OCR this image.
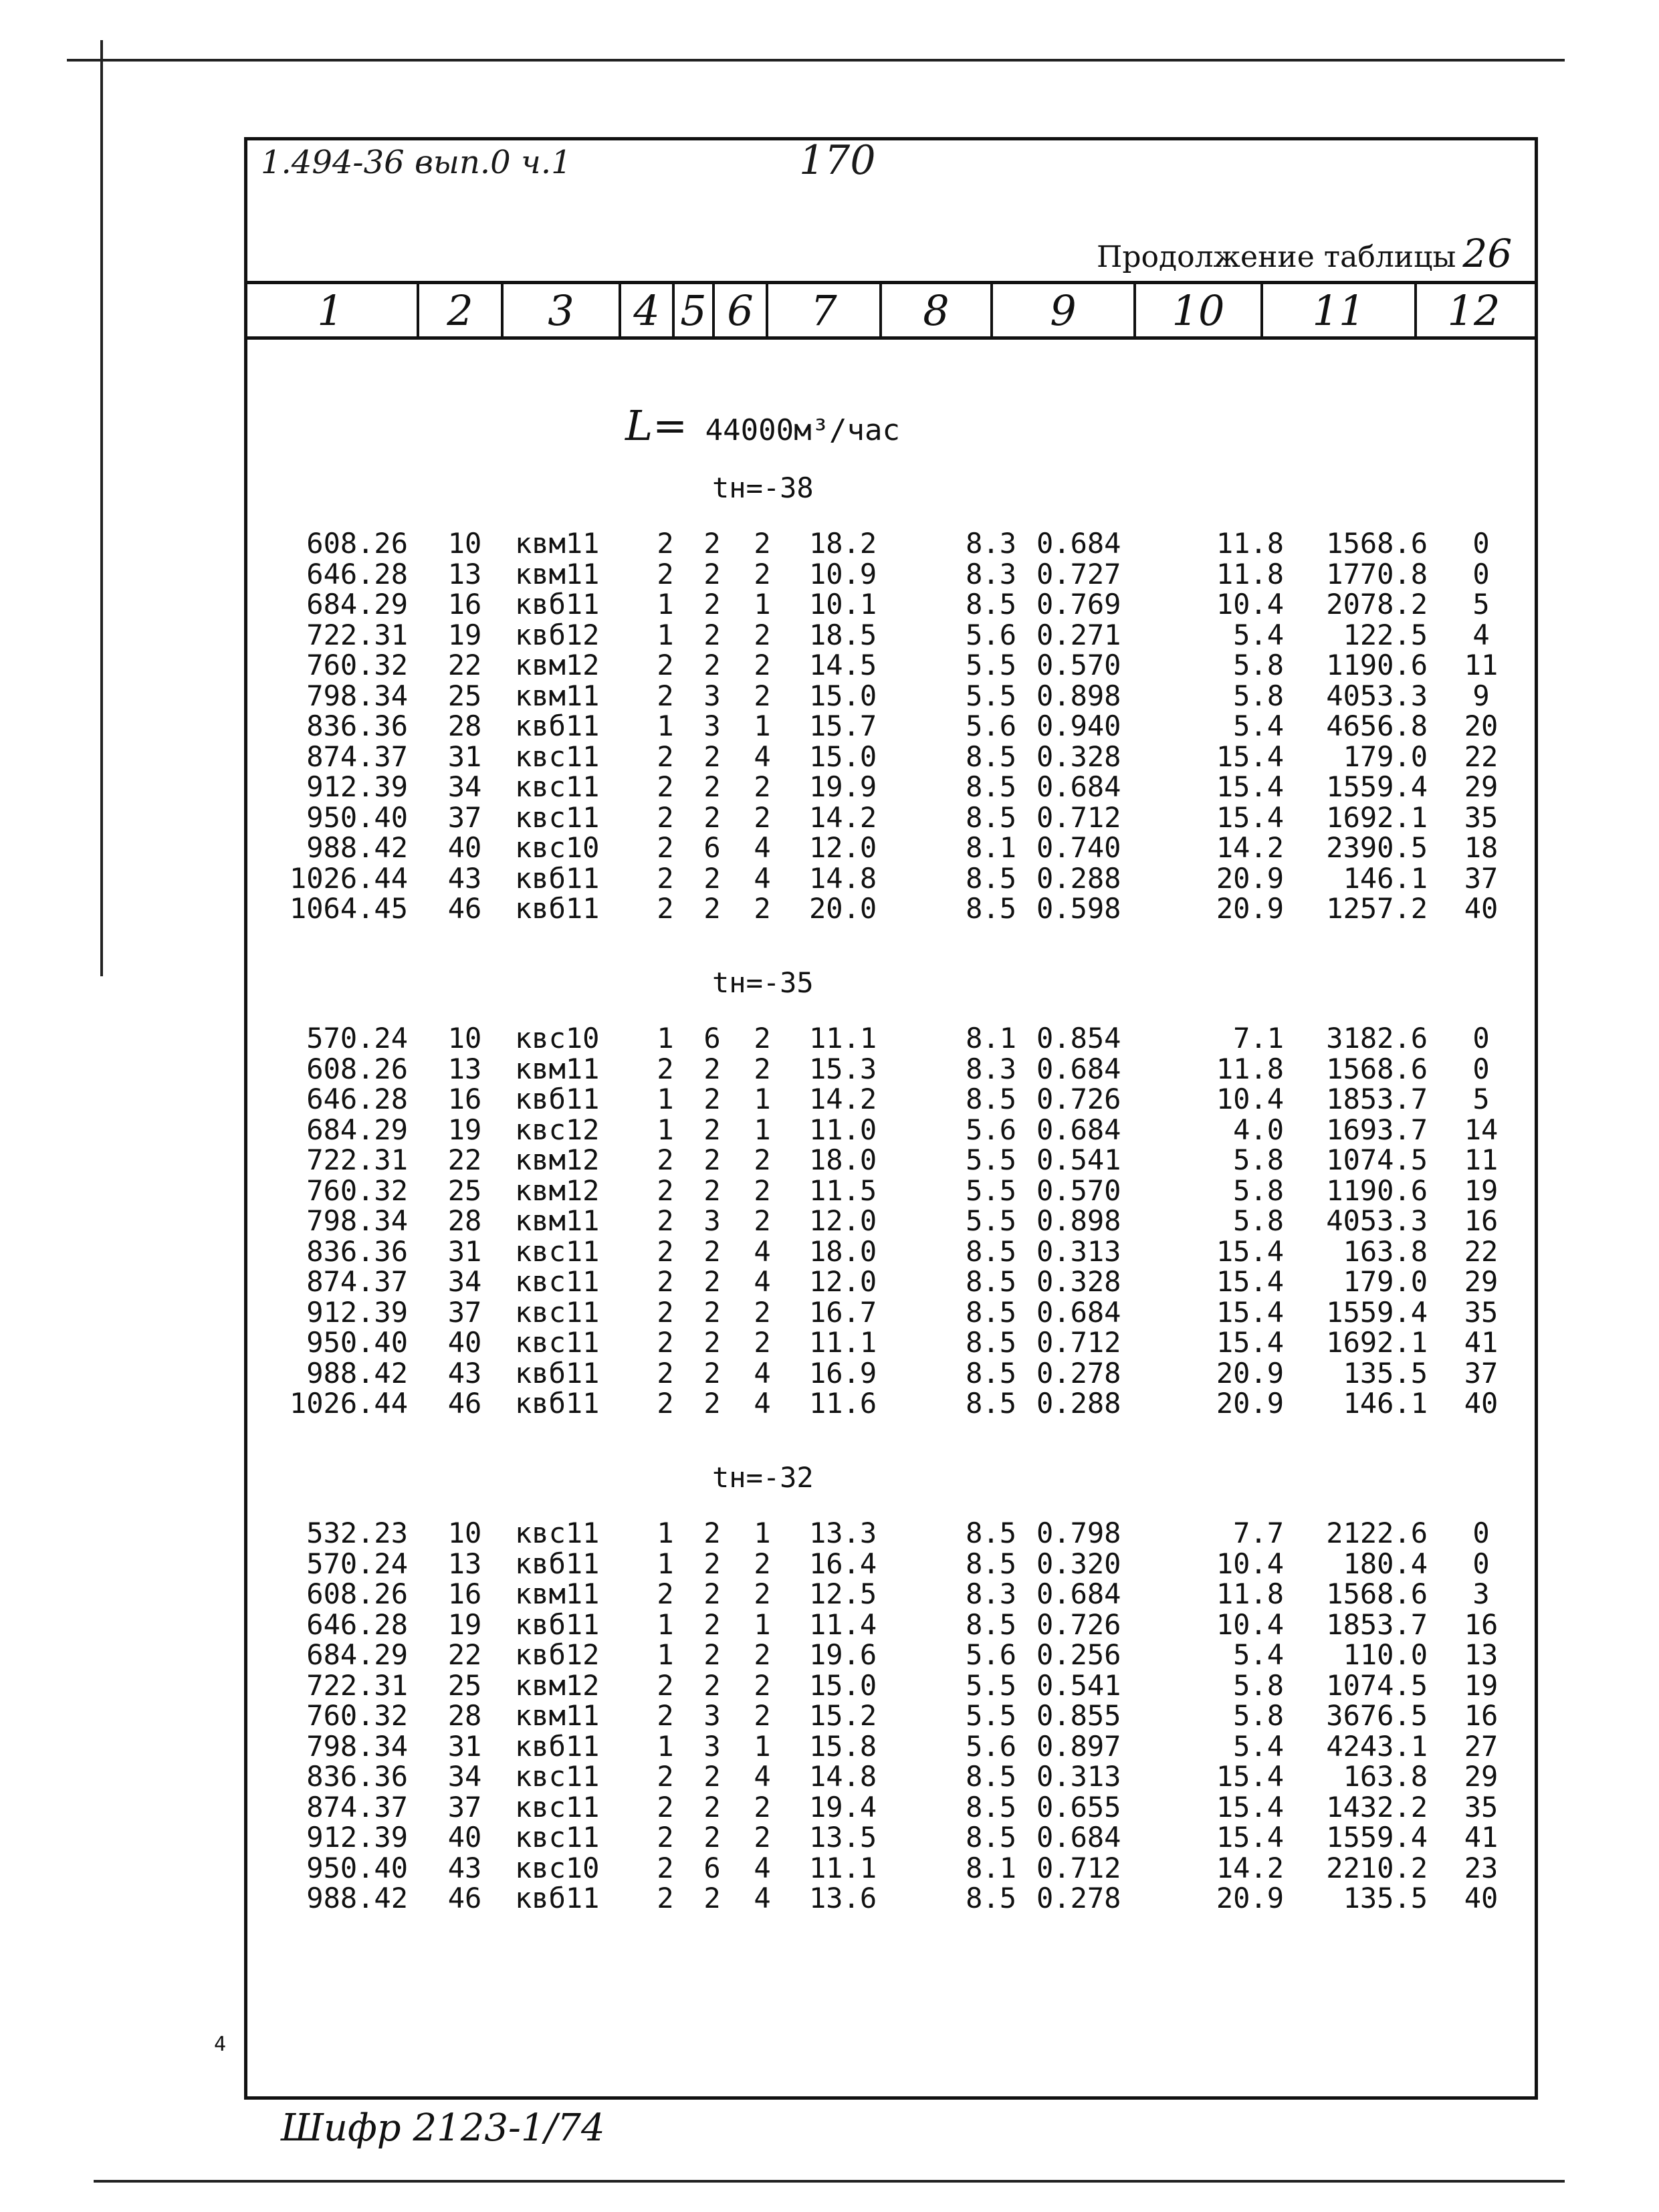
1.494-36 вып.0 ч.1	170
Продолжение таблицы 26
1	2	3	4 5 6	7	8	9	10	11	12
L= 44000м³/час
tн=-38
608.26 10 квм11	2	2	2	18.2	8.3 0.684	11.8	1568.6	0
646.28 13 квм11	2	2	2	10.9	8.3 0.727	11.8	1770.8	0
684.29 16 квб11	1	2	1	10.1	8.5 0.769	10.4	2078.2	5
722.31 19 квб12	1	2	2	18.5	5.6 0.271	5.4	122.5	4
760.32 22 квм12	2	2	2	14.5	5.5 0.570	5.8	1190.6 11
798.34 25 квм11	2	3	2	15.0	5.5 0.898	5.8	4053.3	9
836.36 28 квб11	1	3	1	15.7	5.6 0.940	5.4	4656.8 20
874.37 31 квс11	2	2	4	15.0	8.5 0.328	15.4	179.0 22
912.39 34 квс11	2	2	2	19.9	8.5 0.684	15.4	1559.4 29
950.40 37 квс11	2	2	2	14.2	8.5 0.712	15.4	1692.1 35
988.42 40 квс10	2	6	4	12.0	8.1 0.740	14.2	2390.5 18
1026.44 43 квб11	2	2	4	14.8	8.5 0.288	20.9	146.1 37
1064.45 46 квб11	2	2	2	20.0	8.5 0.598	20.9	1257.2 40
tн=-35
570.24 10 квс10	1	6	2	11.1	8.1 0.854	7.1	3182.6	0
608.26 13 квм11	2	2	2	15.3	8.3 0.684	11.8	1568.6	0
646.28 16 квб11	1	2	1	14.2	8.5 0.726	10.4	1853.7	5
684.29 19 квс12	1	2	1	11.0	5.6 0.684	4.0	1693.7 14
722.31 22 квм12	2	2	2	18.0	5.5 0.541	5.8	1074.5 11
760.32 25 квм12	2	2	2	11.5	5.5 0.570	5.8	1190.6 19
798.34 28 квм11	2	3	2	12.0	5.5 0.898	5.8	4053.3 16
836.36 31 квс11	2	2	4	18.0	8.5 0.313	15.4	163.8 22
874.37 34 квс11	2	2	4	12.0	8.5 0.328	15.4	179.0 29
912.39 37 квс11	2	2	2	16.7	8.5 0.684	15.4	1559.4 35
950.40 40 квс11	2	2	2	11.1	8.5 0.712	15.4	1692.1 41
988.42 43 квб11	2	2	4	16.9	8.5 0.278	20.9	135.5 37
1026.44 46 квб11	2	2	4	11.6	8.5 0.288	20.9	146.1 40
tн=-32
532.23 10 квс11	1	2	1	13.3	8.5 0.798	7.7	2122.6	0
570.24 13 квб11	1	2	2	16.4	8.5 0.320	10.4	180.4	0
608.26 16 квм11	2	2	2	12.5	8.3 0.684	11.8	1568.6	3
646.28 19 квб11	1	2	1	11.4	8.5 0.726	10.4	1853.7 16
684.29 22 квб12	1	2	2	19.6	5.6 0.256	5.4	110.0 13
722.31 25 квм12	2	2	2	15.0	5.5 0.541	5.8	1074.5 19
760.32 28 квм11	2	3	2	15.2	5.5 0.855	5.8	3676.5 16
798.34 31 квб11	1	3	1	15.8	5.6 0.897	5.4	4243.1 27
836.36 34 квс11	2	2	4	14.8	8.5 0.313	15.4	163.8 29
874.37 37 квс11	2	2	2	19.4	8.5 0.655	15.4	1432.2 35
912.39 40 квс11	2	2	2	13.5	8.5 0.684	15.4	1559.4 41
950.40 43 квс10	2	6	4	11.1	8.1 0.712	14.2	2210.2 23
988.42 46 квб11	2	2	4	13.6	8.5 0.278	20.9	135.5 40
4
Шифр 2123-1/74
